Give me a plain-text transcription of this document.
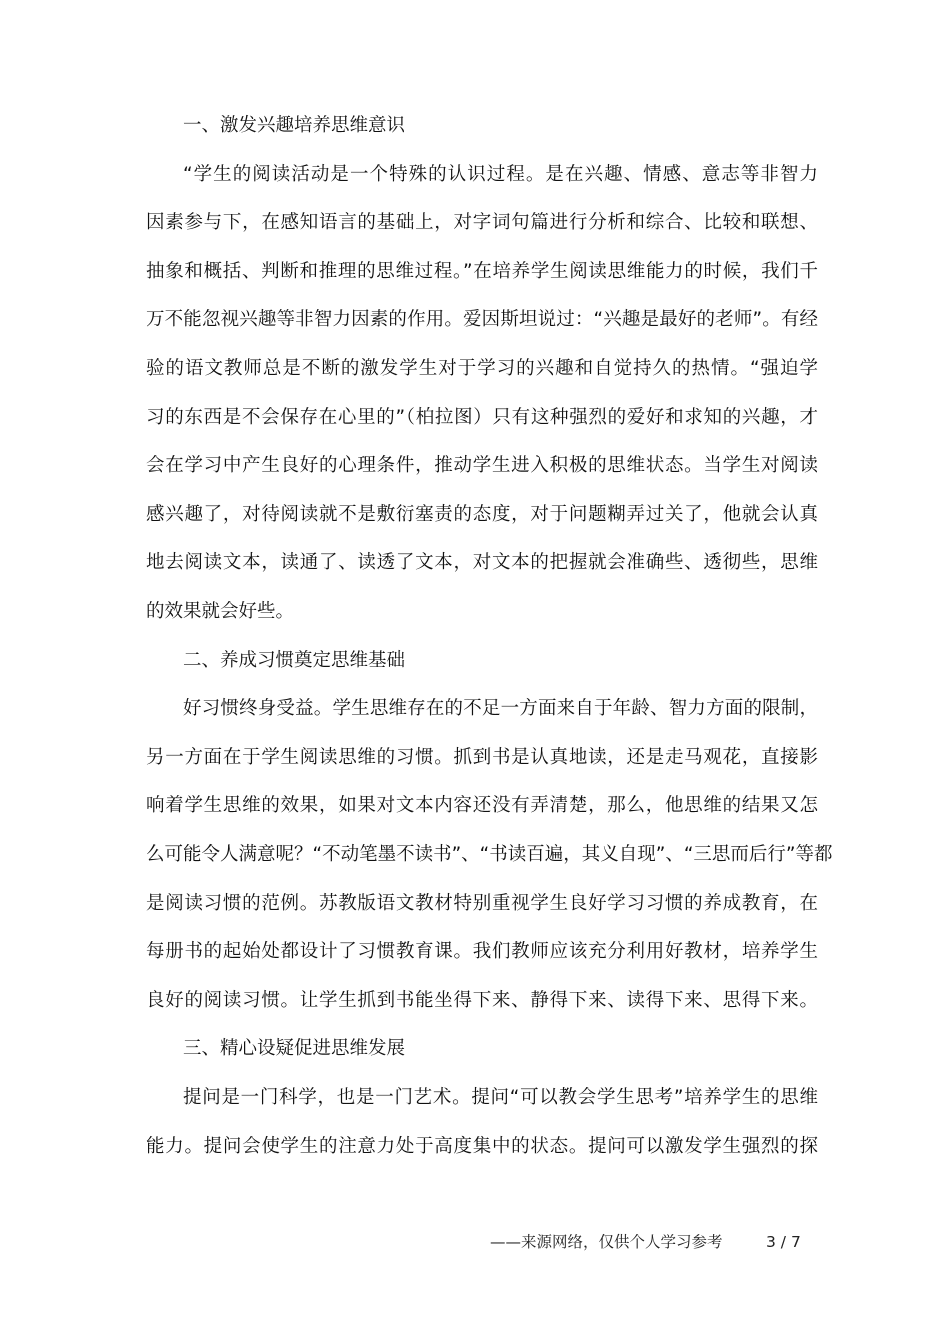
一、激发兴趣培养思维意识
“学生的阅读活动是一个特殊的认识过程。是在兴趣、情感、意志等非智力
因素参与下，在感知语言的基础上，对字词句篇进行分析和综合、比较和联想、
抽象和概括、判断和推理的思维过程。”在培养学生阅读思维能力的时候，我们千
万不能忽视兴趣等非智力因素的作用。爱因斯坦说过：“兴趣是最好的老师”。有经
验的语文教师总是不断的激发学生对于学习的兴趣和自觉持久的热情。“强迫学
习的东西是不会保存在心里的”（柏拉图）只有这种强烈的爱好和求知的兴趣，才
会在学习中产生良好的心理条件，推动学生进入积极的思维状态。当学生对阅读
感兴趣了，对待阅读就不是敷衍塞责的态度，对于问题糊弄过关了，他就会认真
地去阅读文本，读通了、读透了文本，对文本的把握就会准确些、透彻些，思维
的效果就会好些。
二、养成习惯奠定思维基础
好习惯终身受益。学生思维存在的不足一方面来自于年龄、智力方面的限制，
另一方面在于学生阅读思维的习惯。抓到书是认真地读，还是走马观花，直接影
响着学生思维的效果，如果对文本内容还没有弄清楚，那么，他思维的结果又怎
么可能令人满意呢？“不动笔墨不读书”、“书读百遍，其义自现”、“三思而后行”等都
是阅读习惯的范例。苏教版语文教材特别重视学生良好学习习惯的养成教育，在
每册书的起始处都设计了习惯教育课。我们教师应该充分利用好教材，培养学生
良好的阅读习惯。让学生抓到书能坐得下来、静得下来、读得下来、思得下来。
三、精心设疑促进思维发展
提问是一门科学，也是一门艺术。提问“可以教会学生思考”培养学生的思维
能力。提问会使学生的注意力处于高度集中的状态。提问可以激发学生强烈的探
——来源网络，仅供个人学习参考	3 / 7
